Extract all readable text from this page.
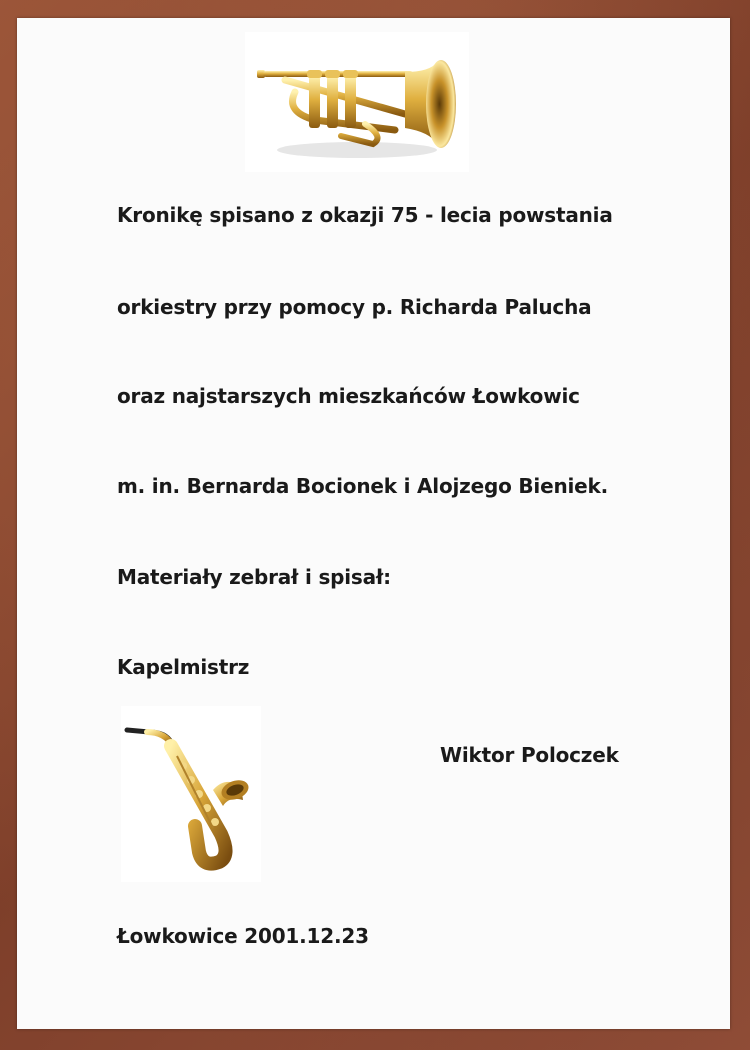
Kronikę spisano z okazji 75 - lecia powstania
orkiestry przy pomocy p. Richarda Palucha
oraz najstarszych mieszkańców Łowkowic
m. in. Bernarda Bocionek i Alojzego Bieniek.
Materiały zebrał i spisał:
Kapelmistrz
Wiktor Poloczek
Łowkowice 2001.12.23
